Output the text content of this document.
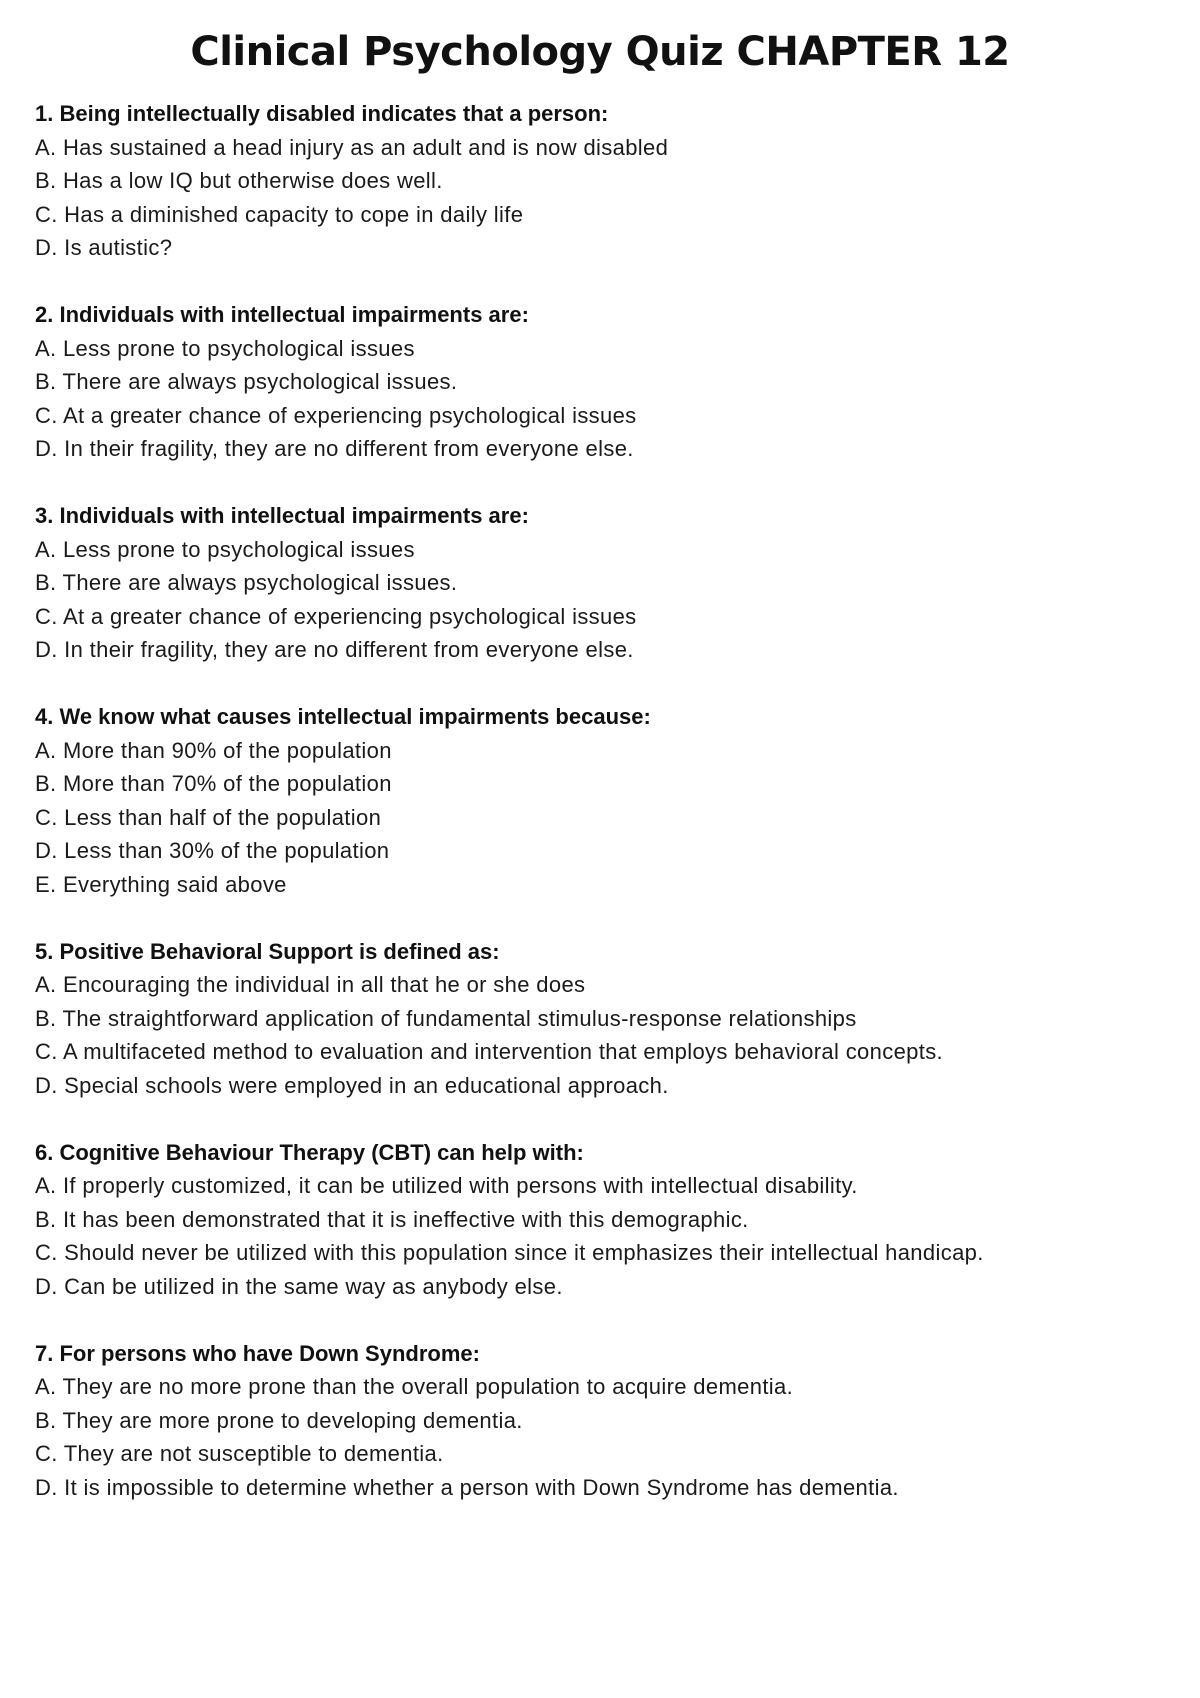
Clinical Psychology Quiz CHAPTER 12
1. Being intellectually disabled indicates that a person:
A. Has sustained a head injury as an adult and is now disabled
B. Has a low IQ but otherwise does well.
C. Has a diminished capacity to cope in daily life
D. Is autistic?
2. Individuals with intellectual impairments are:
A. Less prone to psychological issues
B. There are always psychological issues.
C. At a greater chance of experiencing psychological issues
D. In their fragility, they are no different from everyone else.
3. Individuals with intellectual impairments are:
A. Less prone to psychological issues
B. There are always psychological issues.
C. At a greater chance of experiencing psychological issues
D. In their fragility, they are no different from everyone else.
4. We know what causes intellectual impairments because:
A. More than 90% of the population
B. More than 70% of the population
C. Less than half of the population
D. Less than 30% of the population
E. Everything said above
5. Positive Behavioral Support is defined as:
A. Encouraging the individual in all that he or she does
B. The straightforward application of fundamental stimulus-response relationships
C. A multifaceted method to evaluation and intervention that employs behavioral concepts.
D. Special schools were employed in an educational approach.
6. Cognitive Behaviour Therapy (CBT) can help with:
A. If properly customized, it can be utilized with persons with intellectual disability.
B. It has been demonstrated that it is ineffective with this demographic.
C. Should never be utilized with this population since it emphasizes their intellectual handicap.
D. Can be utilized in the same way as anybody else.
7. For persons who have Down Syndrome:
A. They are no more prone than the overall population to acquire dementia.
B. They are more prone to developing dementia.
C. They are not susceptible to dementia.
D. It is impossible to determine whether a person with Down Syndrome has dementia.
